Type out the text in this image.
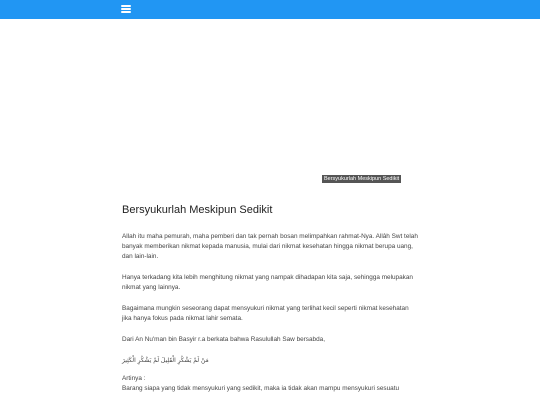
Bersyukurlah Meskipun Sedikit
Bersyukurlah Meskipun Sedikit

Allah itu maha pemurah, maha pemberi dan tak pernah bosan melimpahkan rahmat-Nya. Allâh Swt telah banyak memberikan nikmat kepada manusia, mulai dari nikmat kesehatan hingga nikmat berupa uang, dan lain-lain.

Hanya terkadang kita lebih menghitung nikmat yang nampak dihadapan kita saja, sehingga melupakan nikmat yang lainnya.

Bagaimana mungkin seseorang dapat mensyukuri nikmat yang terlihat kecil seperti nikmat kesehatan jika hanya fokus pada nikmat lahir semata.

Dari An Nu'man bin Basyir r.a berkata bahwa Rasulullah Saw bersabda,

مَنْ لَمْ يَشْكُرِ الْقَلِيلَ لَمْ يَشْكُرِ الْكَثِيرَ

Artinya :

Barang siapa yang tidak mensyukuri yang sedikit, maka ia tidak akan mampu mensyukuri sesuatu
